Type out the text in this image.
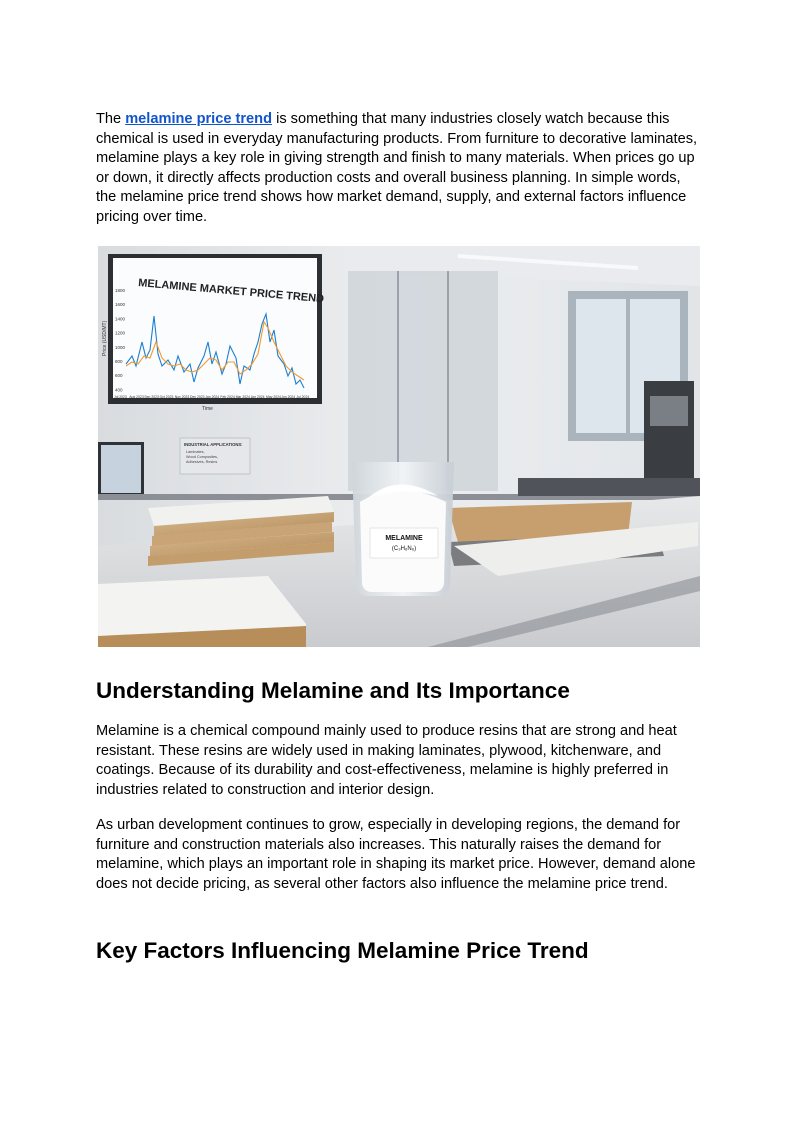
The melamine price trend is something that many industries closely watch because this chemical is used in everyday manufacturing products. From furniture to decorative laminates, melamine plays a key role in giving strength and finish to many materials. When prices go up or down, it directly affects production costs and overall business planning. In simple words, the melamine price trend shows how market demand, supply, and external factors influence pricing over time.

MELAMINE MARKET PRICE TREND
1800
1600
1400
1200
1000
800
600
400
Jul 2023 Aug 2023 Sep 2023 Oct 2023 Nov 2023 Dec 2023 Jan 2024 Feb 2024 Mar 2024 Apr 2024 May 2024 Jun 2024 Jul 2024
Time
Price (USD/MT)
INDUSTRIAL APPLICATIONS:
Laminates,
Wood Composites,
Adhesives, Resins
MELAMINE
(C₃H₆N₆)
Understanding Melamine and Its Importance

Melamine is a chemical compound mainly used to produce resins that are strong and heat resistant. These resins are widely used in making laminates, plywood, kitchenware, and coatings. Because of its durability and cost-effectiveness, melamine is highly preferred in industries related to construction and interior design.

As urban development continues to grow, especially in developing regions, the demand for furniture and construction materials also increases. This naturally raises the demand for melamine, which plays an important role in shaping its market price. However, demand alone does not decide pricing, as several other factors also influence the melamine price trend.

Key Factors Influencing Melamine Price Trend
